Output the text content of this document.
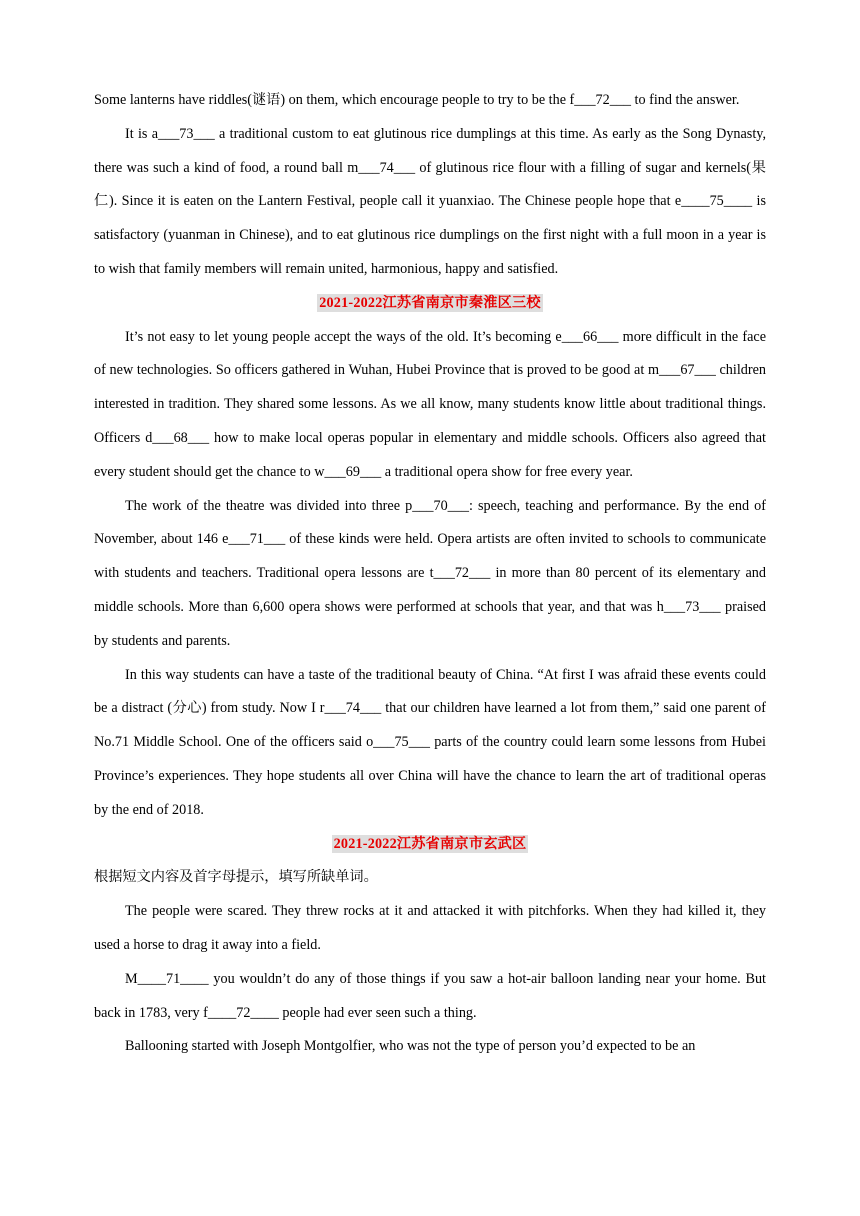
Some lanterns have riddles(谜语) on them, which encourage people to try to be the f___72___ to find the answer.

It is a___73___ a traditional custom to eat glutinous rice dumplings at this time. As early as the Song Dynasty, there was such a kind of food, a round ball m___74___ of glutinous rice flour with a filling of sugar and kernels(果仁). Since it is eaten on the Lantern Festival, people call it yuanxiao. The Chinese people hope that e____75____ is satisfactory (yuanman in Chinese), and to eat glutinous rice dumplings on the first night with a full moon in a year is to wish that family members will remain united, harmonious, happy and satisfied.

2021-2022江苏省南京市秦淮区三校

It’s not easy to let young people accept the ways of the old. It’s becoming e___66___ more difficult in the face of new technologies. So officers gathered in Wuhan, Hubei Province that is proved to be good at m___67___ children interested in tradition. They shared some lessons. As we all know, many students know little about traditional things. Officers d___68___ how to make local operas popular in elementary and middle schools. Officers also agreed that every student should get the chance to w___69___ a traditional opera show for free every year.

The work of the theatre was divided into three p___70___: speech, teaching and performance. By the end of November, about 146 e___71___ of these kinds were held. Opera artists are often invited to schools to communicate with students and teachers. Traditional opera lessons are t___72___ in more than 80 percent of its elementary and middle schools. More than 6,600 opera shows were performed at schools that year, and that was h___73___ praised by students and parents.

In this way students can have a taste of the traditional beauty of China. “At first I was afraid these events could be a distract (分心) from study. Now I r___74___ that our children have learned a lot from them,” said one parent of No.71 Middle School. One of the officers said o___75___ parts of the country could learn some lessons from Hubei Province’s experiences. They hope students all over China will have the chance to learn the art of traditional operas by the end of 2018.

2021-2022江苏省南京市玄武区

根据短文内容及首字母提示，填写所缺单词。

The people were scared. They threw rocks at it and attacked it with pitchforks. When they had killed it, they used a horse to drag it away into a field.

M____71____ you wouldn’t do any of those things if you saw a hot-air balloon landing near your home. But back in 1783, very f____72____ people had ever seen such a thing.

Ballooning started with Joseph Montgolfier, who was not the type of person you’d expected to be an
